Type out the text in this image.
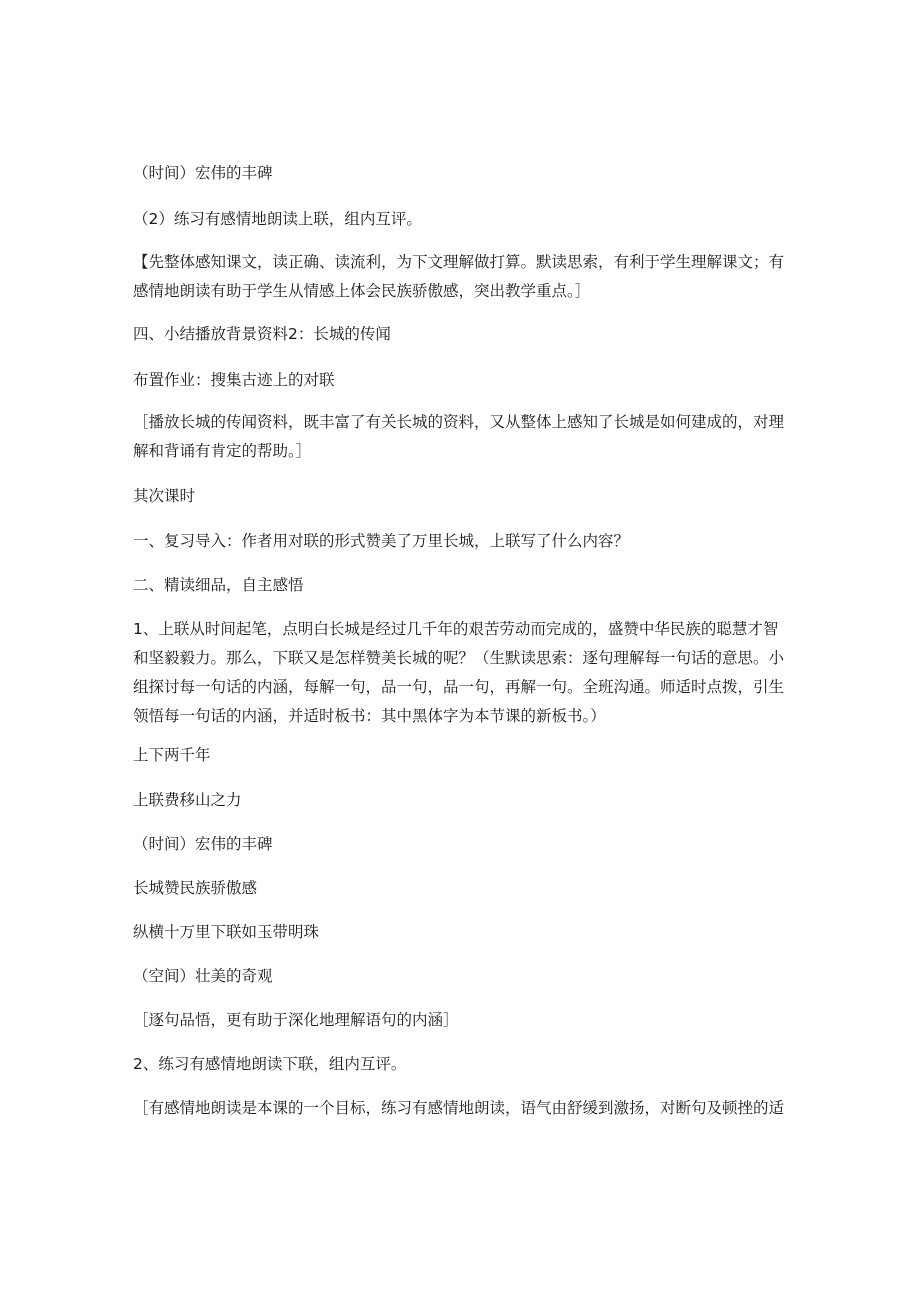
（时间）宏伟的丰碑

（2）练习有感情地朗读上联，组内互评。

【先整体感知课文，读正确、读流利，为下文理解做打算。默读思索，有利于学生理解课文；有感情地朗读有助于学生从情感上体会民族骄傲感，突出教学重点。］

四、小结播放背景资料2：长城的传闻

布置作业：搜集古迹上的对联

［播放长城的传闻资料，既丰富了有关长城的资料，又从整体上感知了长城是如何建成的，对理解和背诵有肯定的帮助。］

其次课时

一、复习导入：作者用对联的形式赞美了万里长城，上联写了什么内容？

二、精读细品，自主感悟

1、上联从时间起笔，点明白长城是经过几千年的艰苦劳动而完成的，盛赞中华民族的聪慧才智和坚毅毅力。那么，下联又是怎样赞美长城的呢？（生默读思索：逐句理解每一句话的意思。小组探讨每一句话的内涵，每解一句，品一句，品一句，再解一句。全班沟通。师适时点拨，引生领悟每一句话的内涵，并适时板书：其中黑体字为本节课的新板书。）

上下两千年

上联费移山之力

（时间）宏伟的丰碑

长城赞民族骄傲感

纵横十万里下联如玉带明珠

（空间）壮美的奇观

［逐句品悟，更有助于深化地理解语句的内涵］

2、练习有感情地朗读下联，组内互评。

［有感情地朗读是本课的一个目标，练习有感情地朗读，语气由舒缓到激扬，对断句及顿挫的适
